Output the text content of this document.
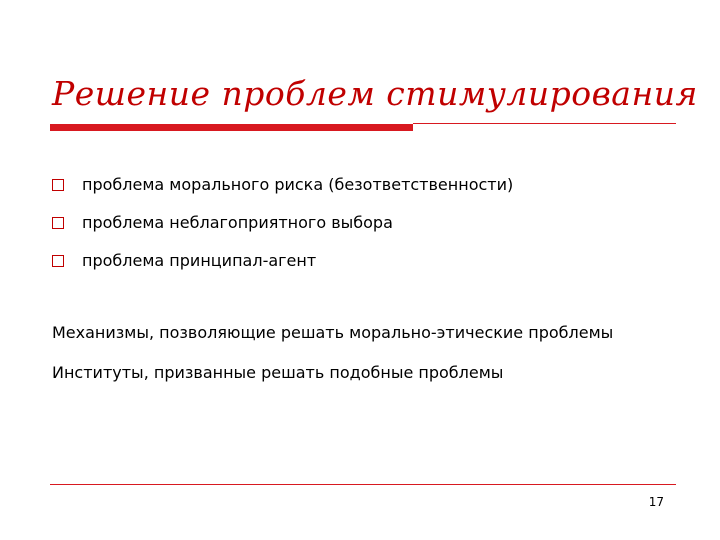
Решение проблем стимулирования
проблема морального риска (безответственности)
проблема неблагоприятного выбора
проблема принципал-агент

Механизмы, позволяющие решать морально-этические проблемы

Институты, призванные решать подобные проблемы

17
